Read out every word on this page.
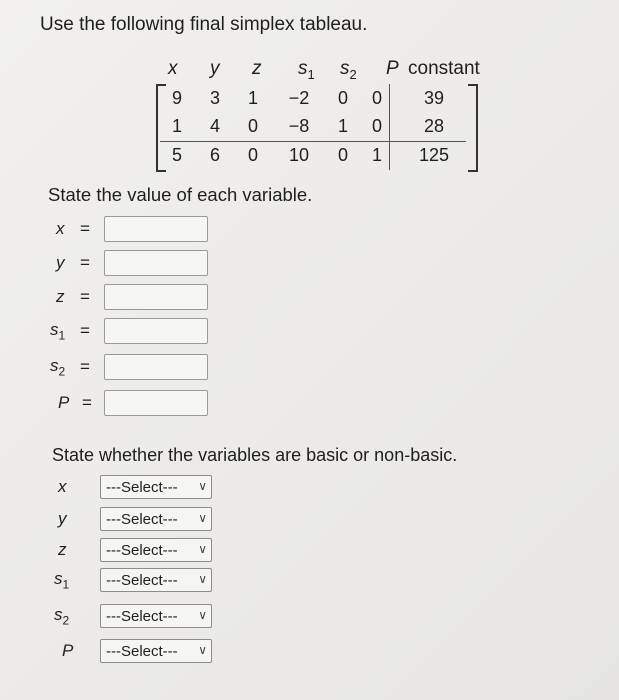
Use the following final simplex tableau.
x y z $s_1$ $s_2$ P constant
9	3	1	−2	0	0	39
1	4	0	−8	1	0	28
5	6	0	10	0	1	125
State the value of each variable.
x =
y =
z =
$s_1$ =
$s_2$ =
P =
State whether the variables are basic or non-basic.
x	---Select--- ∨
y	---Select--- ∨
z	---Select--- ∨
$s_1$ ---Select--- ∨
$s_2$ ---Select--- ∨
P ---Select--- ∨
